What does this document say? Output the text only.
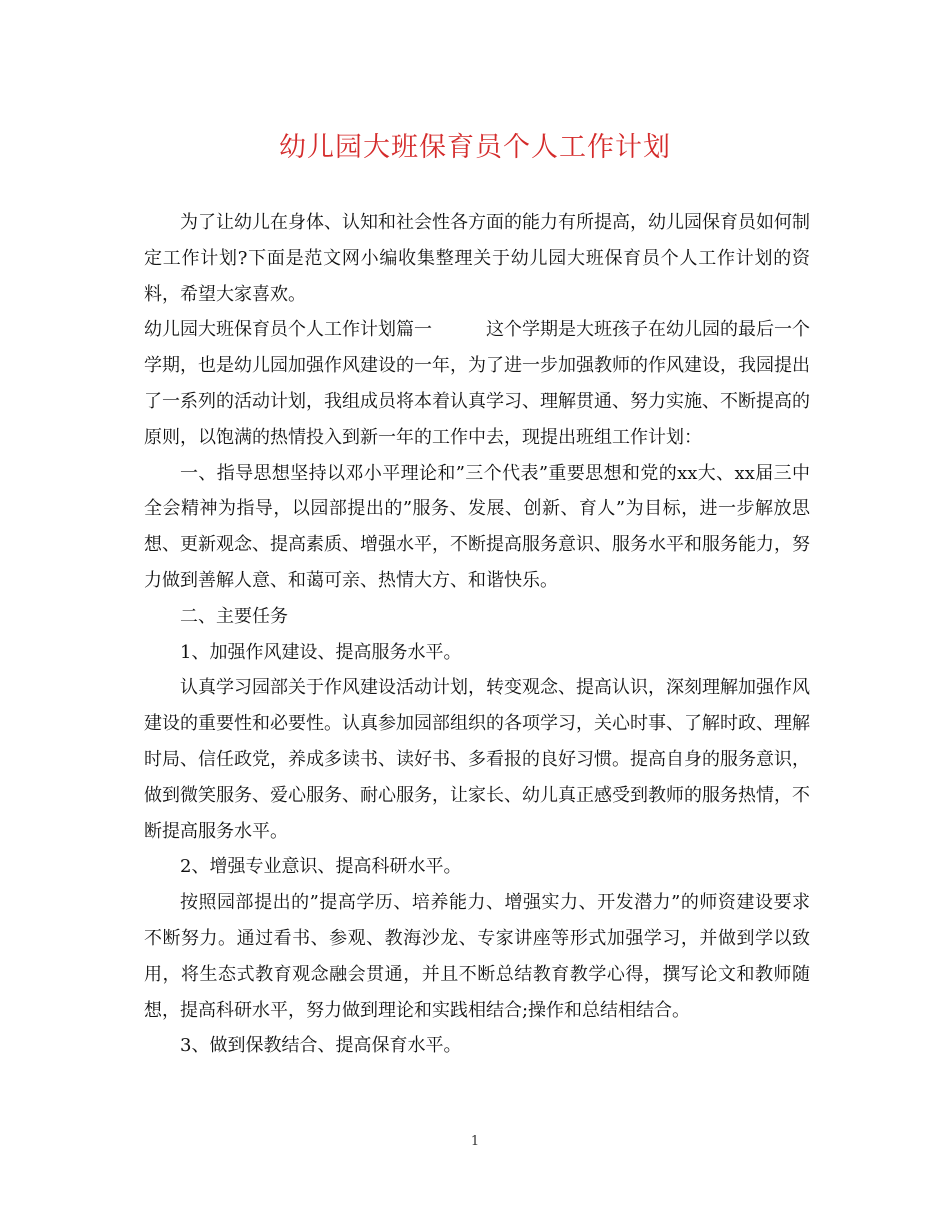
幼儿园大班保育员个人工作计划

为了让幼儿在身体、认知和社会性各方面的能力有所提高，幼儿园保育员如何制定工作计划?下面是范文网小编收集整理关于幼儿园大班保育员个人工作计划的资料，希望大家喜欢。

幼儿园大班保育员个人工作计划篇一	这个学期是大班孩子在幼儿园的最后一个学期，也是幼儿园加强作风建设的一年，为了进一步加强教师的作风建设，我园提出了一系列的活动计划，我组成员将本着认真学习、理解贯通、努力实施、不断提高的原则，以饱满的热情投入到新一年的工作中去，现提出班组工作计划：

一、指导思想坚持以邓小平理论和”三个代表”重要思想和党的xx大、xx届三中全会精神为指导，以园部提出的”服务、发展、创新、育人”为目标，进一步解放思想、更新观念、提高素质、增强水平，不断提高服务意识、服务水平和服务能力，努力做到善解人意、和蔼可亲、热情大方、和谐快乐。

二、主要任务

1、加强作风建设、提高服务水平。

认真学习园部关于作风建设活动计划，转变观念、提高认识，深刻理解加强作风建设的重要性和必要性。认真参加园部组织的各项学习，关心时事、了解时政、理解时局、信任政党，养成多读书、读好书、多看报的良好习惯。提高自身的服务意识，做到微笑服务、爱心服务、耐心服务，让家长、幼儿真正感受到教师的服务热情，不断提高服务水平。

2、增强专业意识、提高科研水平。

按照园部提出的”提高学历、培养能力、增强实力、开发潜力”的师资建设要求不断努力。通过看书、参观、教海沙龙、专家讲座等形式加强学习，并做到学以致用，将生态式教育观念融会贯通，并且不断总结教育教学心得，撰写论文和教师随想，提高科研水平，努力做到理论和实践相结合;操作和总结相结合。

3、做到保教结合、提高保育水平。

1
